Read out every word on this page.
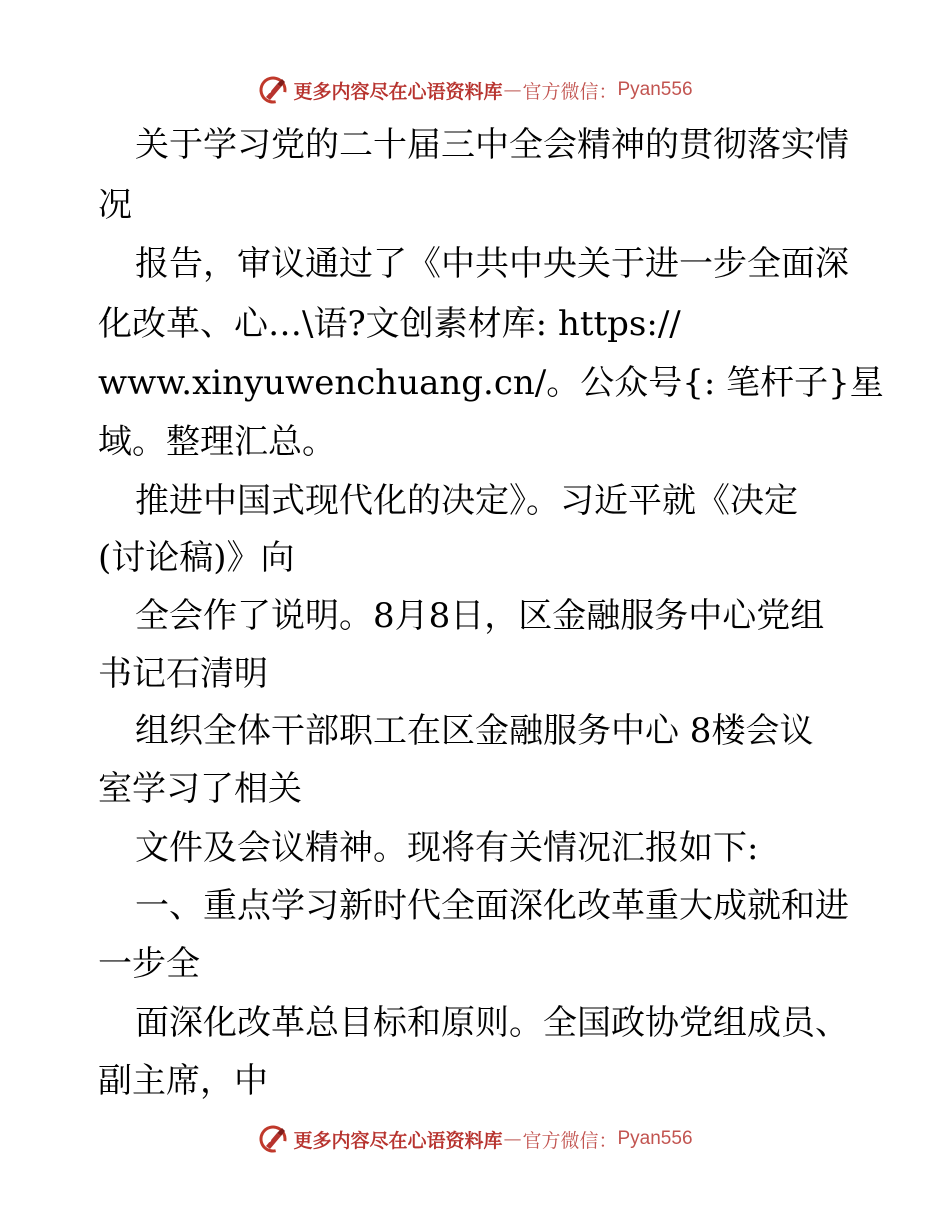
更多内容尽在心语资料库 — 官方微信： Pyan556
关于学习党的二十届三中全会精神的贯彻落实情
况
报告，审议通过了《中共中央关于进一步全面深
化改革、心…\语?文创素材库: https://
www.xinyuwenchuang.cn/。公众号{: 笔杆子}星
域。整理汇总。
推进中国式现代化的决定》。习近平就《决定
(讨论稿)》向
全会作了说明。8月8日，区金融服务中心党组
书记石清明
组织全体干部职工在区金融服务中心 8楼会议
室学习了相关
文件及会议精神。现将有关情况汇报如下:
一、重点学习新时代全面深化改革重大成就和进
一步全
面深化改革总目标和原则。全国政协党组成员、
副主席，中
更多内容尽在心语资料库 — 官方微信： Pyan556
